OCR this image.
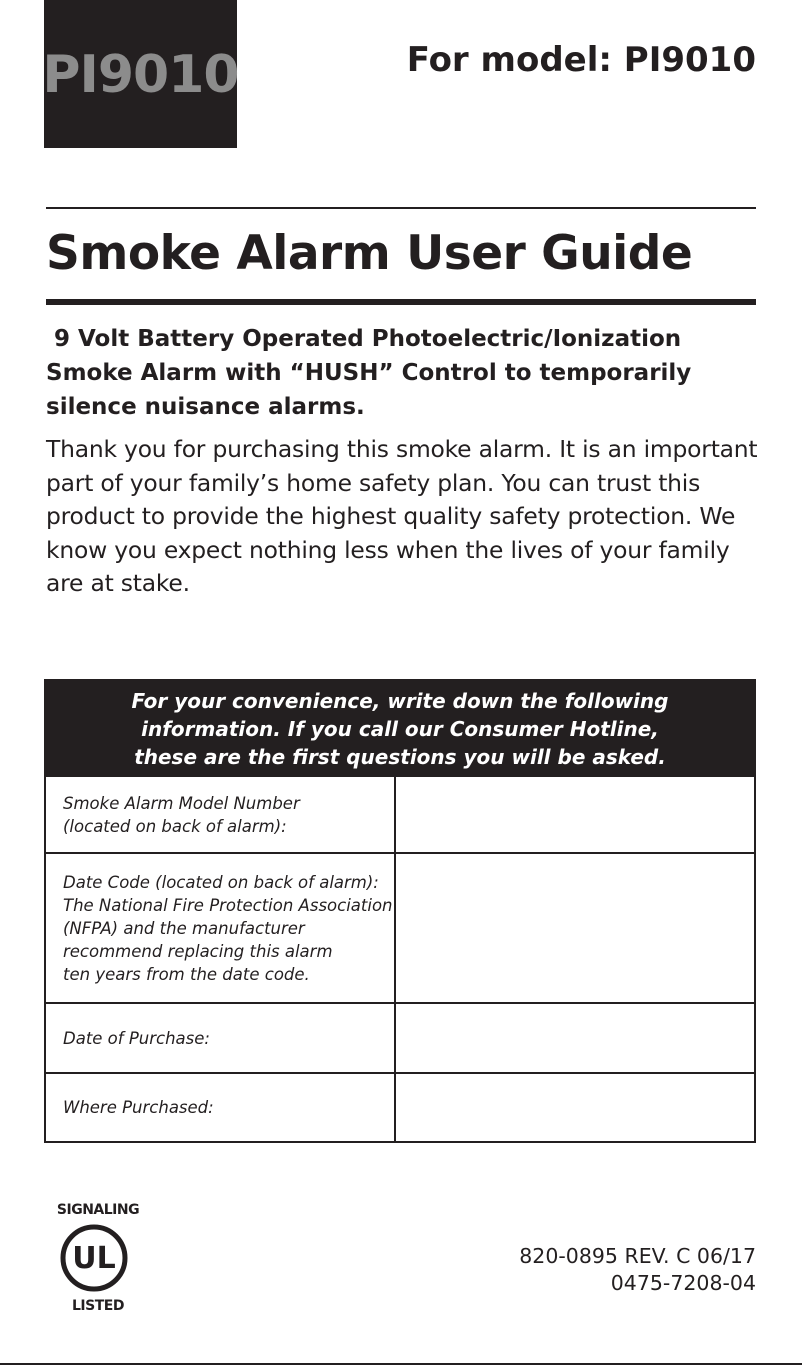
PI9010	For model: PI9010
Smoke Alarm User Guide
9 Volt Battery Operated Photoelectric/Ionization
Smoke Alarm with “HUSH” Control to temporarily
silence nuisance alarms.
Thank you for purchasing this smoke alarm. It is an important
part of your family’s home safety plan. You can trust this
product to provide the highest quality safety protection. We
know you expect nothing less when the lives of your family
are at stake.
For your convenience, write down the following
information. If you call our Consumer Hotline,
these are the first questions you will be asked.
Smoke Alarm Model Number
(located on back of alarm):
Date Code (located on back of alarm):
The National Fire Protection Association
(NFPA) and the manufacturer
recommend replacing this alarm
ten years from the date code.
Date of Purchase:
Where Purchased:
SIGNALING
UL
LISTED
820-0895 REV. C 06/17
0475-7208-04
